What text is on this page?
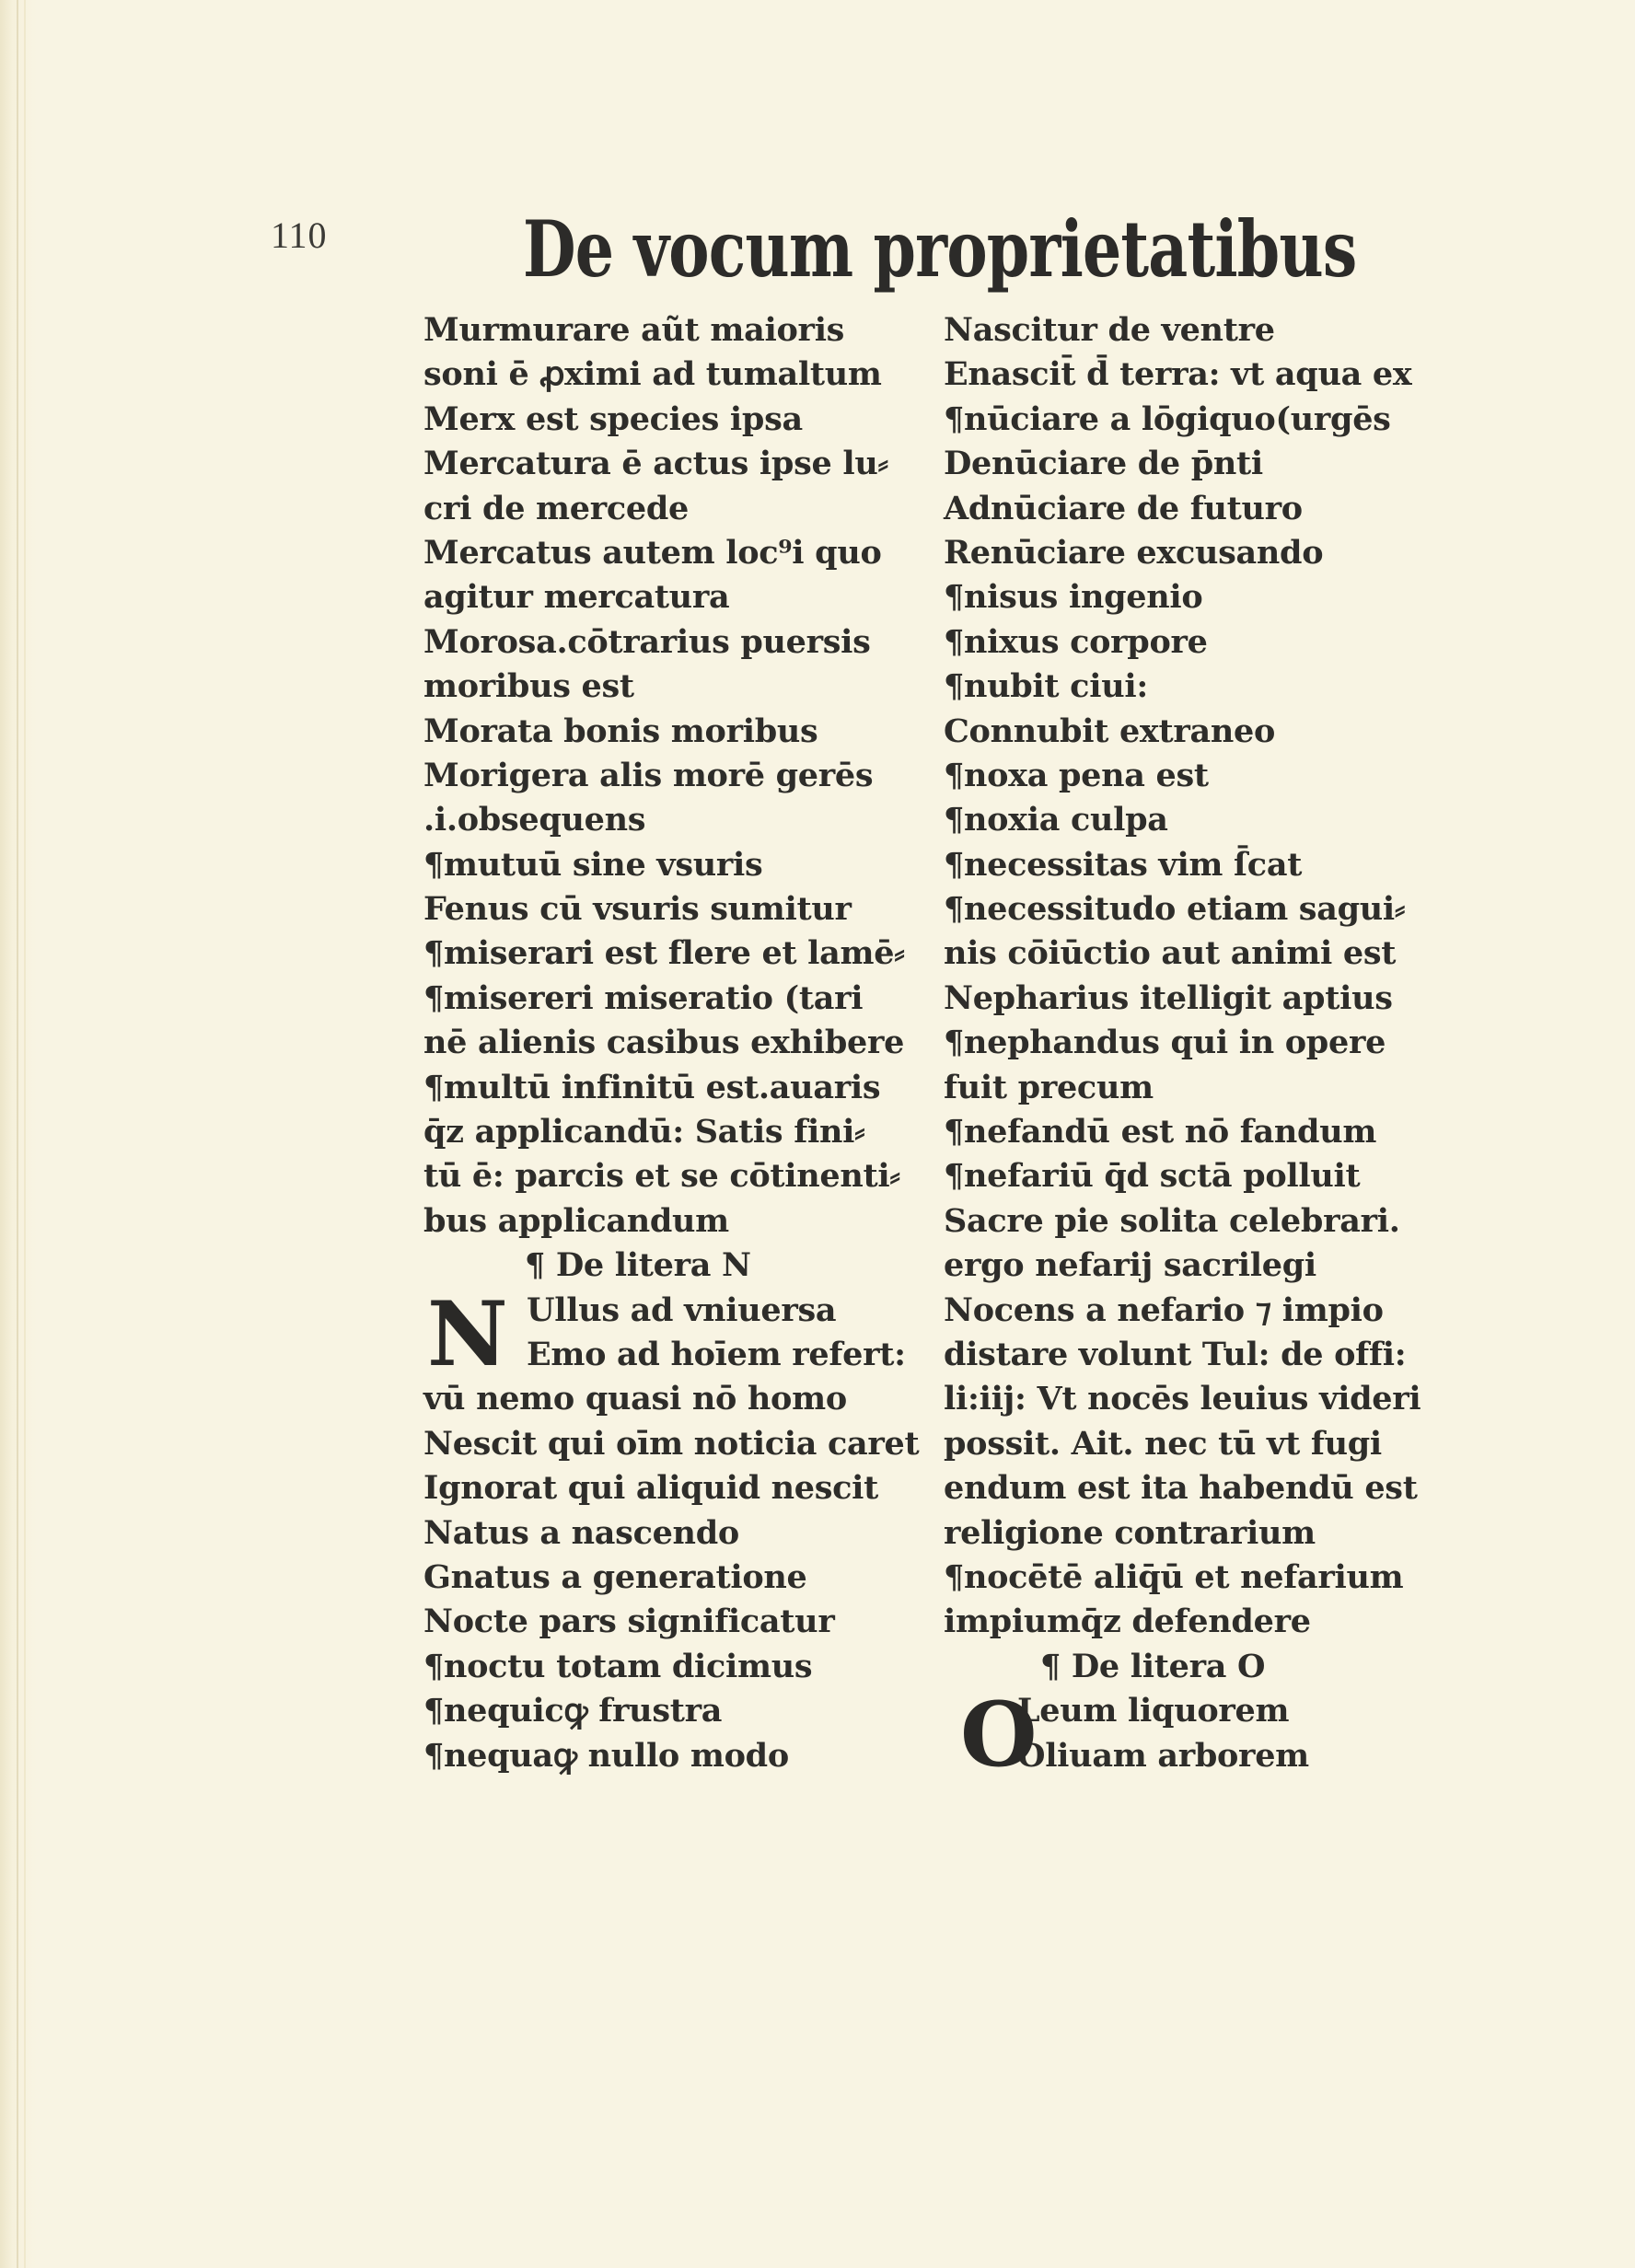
110	De vocum proprietatibus
Murmurare aũt maioris
soni ē ꝓximi ad tumaltum
Merx est species ipsa
Mercatura ē actus ipse lu⸗
cri de mercede
Mercatus autem loc⁹i quo
agitur mercatura
Morosa.cōtrarius puersis
moribus est
Morata bonis moribus
Morigera alis morē gerēs
.i.obsequens
¶mutuū sine vsuris
Fenus cū vsuris sumitur
¶miserari est flere et lamē⸗
¶misereri miseratio (tari
nē alienis casibus exhibere
¶multū infinitū est.auaris
q̄z applicandū: Satis fini⸗
tū ē: parcis et se cōtinenti⸗
bus applicandum
¶ De litera N
N Ullus ad vniuersa
Emo ad hoīem refert:
vū nemo quasi nō homo
Nescit qui oīm noticia caret
Ignorat qui aliquid nescit
Natus a nascendo
Gnatus a generatione
Nocte pars significatur
¶noctu totam dicimus
¶nequicꝙ frustra
¶nequaꝙ nullo modo
Nascitur de ventre
Enascit̄ d̄ terra: vt aqua ex
¶nūciare a lōgiquo(urgēs
Denūciare de p̄nti
Adnūciare de futuro
Renūciare excusando
¶nisus ingenio
¶nixus corpore
¶nubit ciui:
Connubit extraneo
¶noxa pena est
¶noxia culpa
¶necessitas vim ſ̄cat
¶necessitudo etiam sagui⸗
nis cōiūctio aut animi est
Nepharius itelligit aptius
¶nephandus qui in opere
fuit precum
¶nefandū est nō fandum
¶nefariū q̄d sctā polluit
Sacre pie solita celebrari.
ergo nefarij sacrilegi
Nocens a nefario ⁊ impio
distare volunt Tul: de offi:
li:iij: Vt nocēs leuius videri
possit. Ait. nec tū vt fugi
endum est ita habendū est
religione contrarium
¶nocētē aliq̄ū et nefarium
impiumq̄z defendere
¶ De litera O
O
Leum liquorem
Oliuam arborem
